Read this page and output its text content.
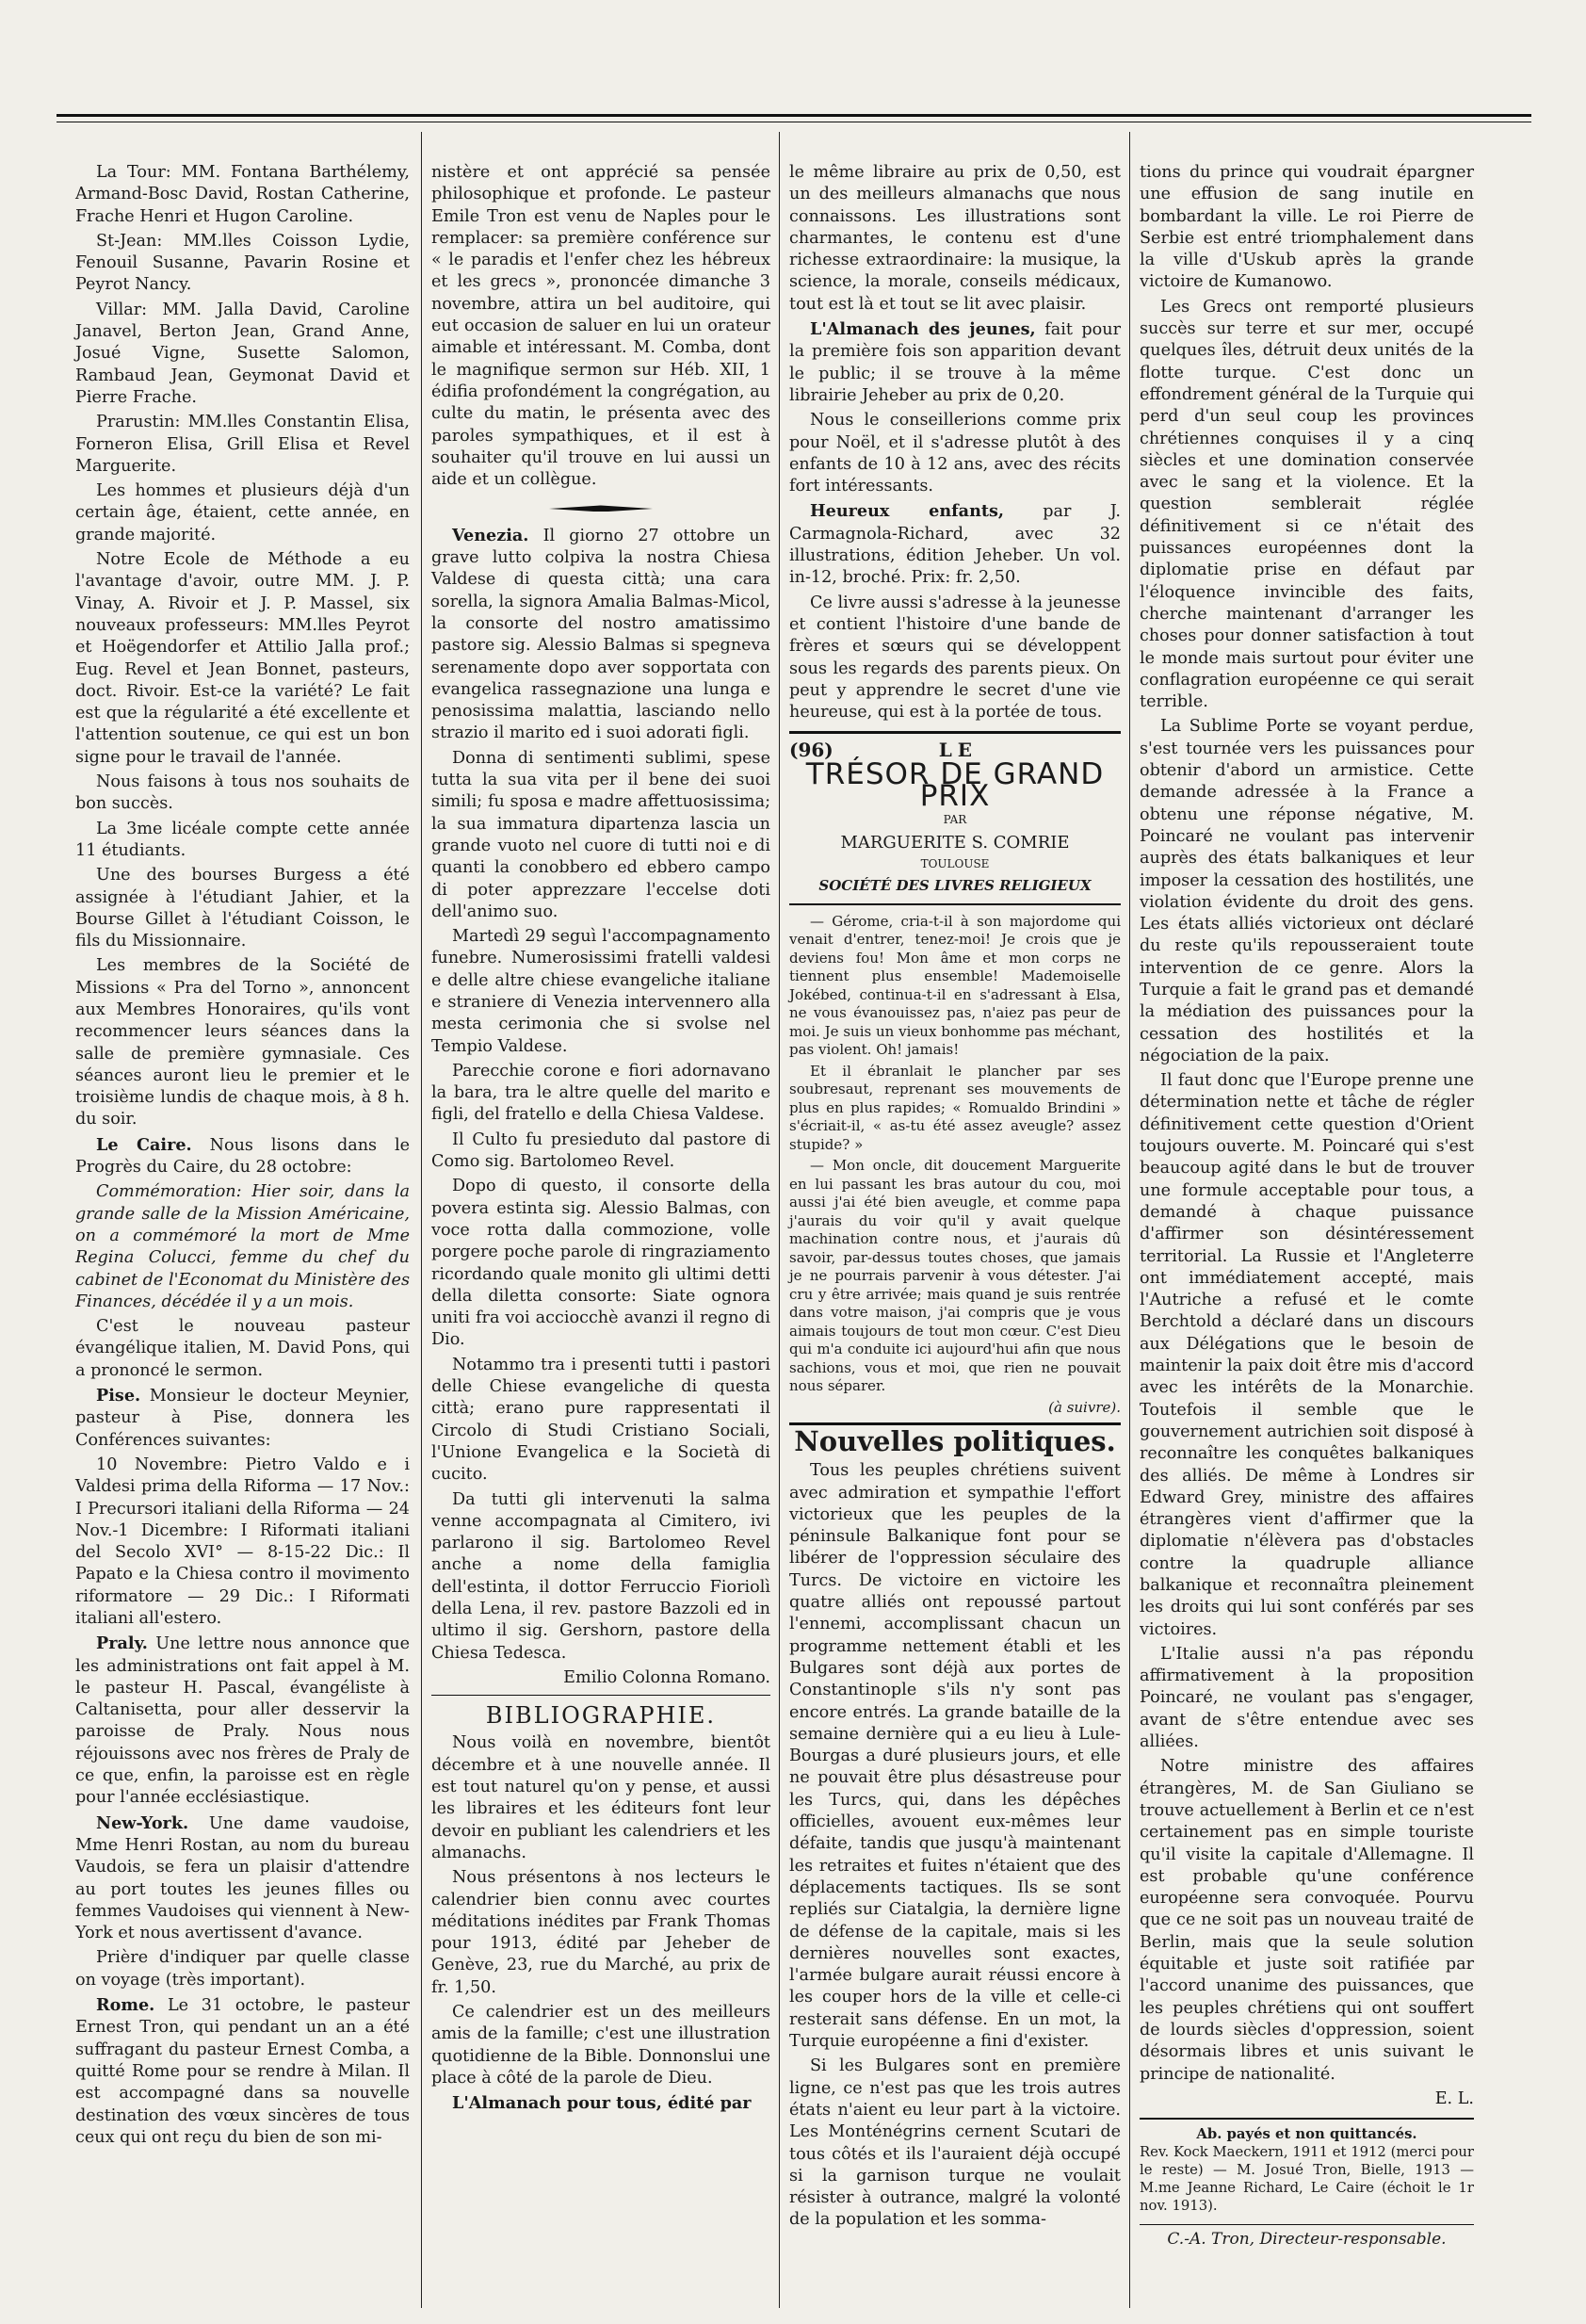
La Tour: MM. Fontana Barthélemy, Armand-Bosc David, Rostan Catherine, Frache Henri et Hugon Caroline.

St-Jean: MM.lles Coisson Lydie, Fenouil Susanne, Pavarin Rosine et Peyrot Nancy.

Villar: MM. Jalla David, Caroline Janavel, Berton Jean, Grand Anne, Josué Vigne, Susette Salomon, Rambaud Jean, Geymonat David et Pierre Frache.

Prarustin: MM.lles Constantin Elisa, Forneron Elisa, Grill Elisa et Revel Marguerite.

Les hommes et plusieurs déjà d'un certain âge, étaient, cette année, en grande majorité.

Notre Ecole de Méthode a eu l'avantage d'avoir, outre MM. J. P. Vinay, A. Rivoir et J. P. Massel, six nouveaux professeurs: MM.lles Peyrot et Hoëgendorfer et Attilio Jalla prof.; Eug. Revel et Jean Bonnet, pasteurs, doct. Rivoir. Est-ce la variété? Le fait est que la régularité a été excellente et l'attention soutenue, ce qui est un bon signe pour le travail de l'année.

Nous faisons à tous nos souhaits de bon succès.

La 3me licéale compte cette année 11 étudiants.

Une des bourses Burgess a été assignée à l'étudiant Jahier, et la Bourse Gillet à l'étudiant Coisson, le fils du Missionnaire.

Les membres de la Société de Missions « Pra del Torno », annoncent aux Membres Honoraires, qu'ils vont recommencer leurs séances dans la salle de première gymnasiale. Ces séances auront lieu le premier et le troisième lundis de chaque mois, à 8 h. du soir.

Le Caire. Nous lisons dans le Progrès du Caire, du 28 octobre:

Commémoration: Hier soir, dans la grande salle de la Mission Américaine, on a commémoré la mort de Mme Regina Colucci, femme du chef du cabinet de l'Economat du Ministère des Finances, décédée il y a un mois.

C'est le nouveau pasteur évangélique italien, M. David Pons, qui a prononcé le sermon.

Pise. Monsieur le docteur Meynier, pasteur à Pise, donnera les Conférences suivantes:

10 Novembre: Pietro Valdo e i Valdesi prima della Riforma — 17 Nov.: I Precursori italiani della Riforma — 24 Nov.-1 Dicembre: I Riformati italiani del Secolo XVI° — 8-15-22 Dic.: Il Papato e la Chiesa contro il movimento riformatore — 29 Dic.: I Riformati italiani all'estero.

Praly. Une lettre nous annonce que les administrations ont fait appel à M. le pasteur H. Pascal, évangéliste à Caltanisetta, pour aller desservir la paroisse de Praly. Nous nous réjouissons avec nos frères de Praly de ce que, enfin, la paroisse est en règle pour l'année ecclésiastique.

New-York. Une dame vaudoise, Mme Henri Rostan, au nom du bureau Vaudois, se fera un plaisir d'attendre au port toutes les jeunes filles ou femmes Vaudoises qui viennent à New-York et nous avertissent d'avance.

Prière d'indiquer par quelle classe on voyage (très important).

Rome. Le 31 octobre, le pasteur Ernest Tron, qui pendant un an a été suffragant du pasteur Ernest Comba, a quitté Rome pour se rendre à Milan. Il est accompagné dans sa nouvelle destination des vœux sincères de tous ceux qui ont reçu du bien de son mi-

nistère et ont apprécié sa pensée philosophique et profonde. Le pasteur Emile Tron est venu de Naples pour le remplacer: sa première conférence sur « le paradis et l'enfer chez les hébreux et les grecs », prononcée dimanche 3 novembre, attira un bel auditoire, qui eut occasion de saluer en lui un orateur aimable et intéressant. M. Comba, dont le magnifique sermon sur Héb. XII, 1 édifia profondément la congrégation, au culte du matin, le présenta avec des paroles sympathiques, et il est à souhaiter qu'il trouve en lui aussi un aide et un collègue.

Venezia. Il giorno 27 ottobre un grave lutto colpiva la nostra Chiesa Valdese di questa città; una cara sorella, la signora Amalia Balmas-Micol, la consorte del nostro amatissimo pastore sig. Alessio Balmas si spegneva serenamente dopo aver sopportata con evangelica rassegnazione una lunga e penosissima malattia, lasciando nello strazio il marito ed i suoi adorati figli.

Donna di sentimenti sublimi, spese tutta la sua vita per il bene dei suoi simili; fu sposa e madre affettuosissima; la sua immatura dipartenza lascia un grande vuoto nel cuore di tutti noi e di quanti la conobbero ed ebbero campo di poter apprezzare l'eccelse doti dell'animo suo.

Martedì 29 seguì l'accompagnamento funebre. Numerosissimi fratelli valdesi e delle altre chiese evangeliche italiane e straniere di Venezia intervennero alla mesta cerimonia che si svolse nel Tempio Valdese.

Parecchie corone e fiori adornavano la bara, tra le altre quelle del marito e figli, del fratello e della Chiesa Valdese.

Il Culto fu presieduto dal pastore di Como sig. Bartolomeo Revel.

Dopo di questo, il consorte della povera estinta sig. Alessio Balmas, con voce rotta dalla commozione, volle porgere poche parole di ringraziamento ricordando quale monito gli ultimi detti della diletta consorte: Siate ognora uniti fra voi acciocchè avanzi il regno di Dio.

Notammo tra i presenti tutti i pastori delle Chiese evangeliche di questa città; erano pure rappresentati il Circolo di Studi Cristiano Sociali, l'Unione Evangelica e la Società di cucito.

Da tutti gli intervenuti la salma venne accompagnata al Cimitero, ivi parlarono il sig. Bartolomeo Revel anche a nome della famiglia dell'estinta, il dottor Ferruccio Fioriolì della Lena, il rev. pastore Bazzoli ed in ultimo il sig. Gershorn, pastore della Chiesa Tedesca.

Emilio Colonna Romano.

BIBLIOGRAPHIE.

Nous voilà en novembre, bientôt décembre et à une nouvelle année. Il est tout naturel qu'on y pense, et aussi les libraires et les éditeurs font leur devoir en publiant les calendriers et les almanachs.

Nous présentons à nos lecteurs le calendrier bien connu avec courtes méditations inédites par Frank Thomas pour 1913, édité par Jeheber de Genève, 23, rue du Marché, au prix de fr. 1,50.

Ce calendrier est un des meilleurs amis de la famille; c'est une illustration quotidienne de la Bible. Donnonslui une place à côté de la parole de Dieu.

L'Almanach pour tous, édité par

le même libraire au prix de 0,50, est un des meilleurs almanachs que nous connaissons. Les illustrations sont charmantes, le contenu est d'une richesse extraordinaire: la musique, la science, la morale, conseils médicaux, tout est là et tout se lit avec plaisir.

L'Almanach des jeunes, fait pour la première fois son apparition devant le public; il se trouve à la même librairie Jeheber au prix de 0,20.

Nous le conseillerions comme prix pour Noël, et il s'adresse plutôt à des enfants de 10 à 12 ans, avec des récits fort intéressants.

Heureux enfants, par J. Carmagnola-Richard, avec 32 illustrations, édition Jeheber. Un vol. in-12, broché. Prix: fr. 2,50.

Ce livre aussi s'adresse à la jeunesse et contient l'histoire d'une bande de frères et sœurs qui se développent sous les regards des parents pieux. On peut y apprendre le secret d'une vie heureuse, qui est à la portée de tous.

(96)	LE
TRÉSOR DE GRAND PRIX
PAR
MARGUERITE S. COMRIE
TOULOUSE
SOCIÉTÉ DES LIVRES RELIGIEUX

— Gérome, cria-t-il à son majordome qui venait d'entrer, tenez-moi! Je crois que je deviens fou! Mon âme et mon corps ne tiennent plus ensemble! Mademoiselle Jokébed, continua-t-il en s'adressant à Elsa, ne vous évanouissez pas, n'aiez pas peur de moi. Je suis un vieux bonhomme pas méchant, pas violent. Oh! jamais!

Et il ébranlait le plancher par ses soubresaut, reprenant ses mouvements de plus en plus rapides; « Romualdo Brindini » s'écriait-il, « as-tu été assez aveugle? assez stupide? »

— Mon oncle, dit doucement Marguerite en lui passant les bras autour du cou, moi aussi j'ai été bien aveugle, et comme papa j'aurais du voir qu'il y avait quelque machination contre nous, et j'aurais dû savoir, par-dessus toutes choses, que jamais je ne pourrais parvenir à vous détester. J'ai cru y être arrivée; mais quand je suis rentrée dans votre maison, j'ai compris que je vous aimais toujours de tout mon cœur. C'est Dieu qui m'a conduite ici aujourd'hui afin que nous sachions, vous et moi, que rien ne pouvait nous séparer.

(à suivre).

Nouvelles politiques.

Tous les peuples chrétiens suivent avec admiration et sympathie l'effort victorieux que les peuples de la péninsule Balkanique font pour se libérer de l'oppression séculaire des Turcs. De victoire en victoire les quatre alliés ont repoussé partout l'ennemi, accomplissant chacun un programme nettement établi et les Bulgares sont déjà aux portes de Constantinople s'ils n'y sont pas encore entrés. La grande bataille de la semaine dernière qui a eu lieu à Lule-Bourgas a duré plusieurs jours, et elle ne pouvait être plus désastreuse pour les Turcs, qui, dans les dépêches officielles, avouent eux-mêmes leur défaite, tandis que jusqu'à maintenant les retraites et fuites n'étaient que des déplacements tactiques. Ils se sont repliés sur Ciatalgia, la dernière ligne de défense de la capitale, mais si les dernières nouvelles sont exactes, l'armée bulgare aurait réussi encore à les couper hors de la ville et celle-ci resterait sans défense. En un mot, la Turquie européenne a fini d'exister.

Si les Bulgares sont en première ligne, ce n'est pas que les trois autres états n'aient eu leur part à la victoire. Les Monténégrins cernent Scutari de tous côtés et ils l'auraient déjà occupé si la garnison turque ne voulait résister à outrance, malgré la volonté de la population et les somma-

tions du prince qui voudrait épargner une effusion de sang inutile en bombardant la ville. Le roi Pierre de Serbie est entré triomphalement dans la ville d'Uskub après la grande victoire de Kumanowo.

Les Grecs ont remporté plusieurs succès sur terre et sur mer, occupé quelques îles, détruit deux unités de la flotte turque. C'est donc un effondrement général de la Turquie qui perd d'un seul coup les provinces chrétiennes conquises il y a cinq siècles et une domination conservée avec le sang et la violence. Et la question semblerait réglée définitivement si ce n'était des puissances européennes dont la diplomatie prise en défaut par l'éloquence invincible des faits, cherche maintenant d'arranger les choses pour donner satisfaction à tout le monde mais surtout pour éviter une conflagration européenne ce qui serait terrible.

La Sublime Porte se voyant perdue, s'est tournée vers les puissances pour obtenir d'abord un armistice. Cette demande adressée à la France a obtenu une réponse négative, M. Poincaré ne voulant pas intervenir auprès des états balkaniques et leur imposer la cessation des hostilités, une violation évidente du droit des gens. Les états alliés victorieux ont déclaré du reste qu'ils repousseraient toute intervention de ce genre. Alors la Turquie a fait le grand pas et demandé la médiation des puissances pour la cessation des hostilités et la négociation de la paix.

Il faut donc que l'Europe prenne une détermination nette et tâche de régler définitivement cette question d'Orient toujours ouverte. M. Poincaré qui s'est beaucoup agité dans le but de trouver une formule acceptable pour tous, a demandé à chaque puissance d'affirmer son désintéressement territorial. La Russie et l'Angleterre ont immédiatement accepté, mais l'Autriche a refusé et le comte Berchtold a déclaré dans un discours aux Délégations que le besoin de maintenir la paix doit être mis d'accord avec les intérêts de la Monarchie. Toutefois il semble que le gouvernement autrichien soit disposé à reconnaître les conquêtes balkaniques des alliés. De même à Londres sir Edward Grey, ministre des affaires étrangères vient d'affirmer que la diplomatie n'élèvera pas d'obstacles contre la quadruple alliance balkanique et reconnaîtra pleinement les droits qui lui sont conférés par ses victoires.

L'Italie aussi n'a pas répondu affirmativement à la proposition Poincaré, ne voulant pas s'engager, avant de s'être entendue avec ses alliées.

Notre ministre des affaires étrangères, M. de San Giuliano se trouve actuellement à Berlin et ce n'est certainement pas en simple touriste qu'il visite la capitale d'Allemagne. Il est probable qu'une conférence européenne sera convoquée. Pourvu que ce ne soit pas un nouveau traité de Berlin, mais que la seule solution équitable et juste soit ratifiée par l'accord unanime des puissances, que les peuples chrétiens qui ont souffert de lourds siècles d'oppression, soient désormais libres et unis suivant le principe de nationalité.

E. L.

Ab. payés et non quittancés.
Rev. Kock Maeckern, 1911 et 1912 (merci pour le reste) — M. Josué Tron, Bielle, 1913 — M.me Jeanne Richard, Le Caire (échoit le 1r nov. 1913).
C.-A. Tron, Directeur-responsable.
